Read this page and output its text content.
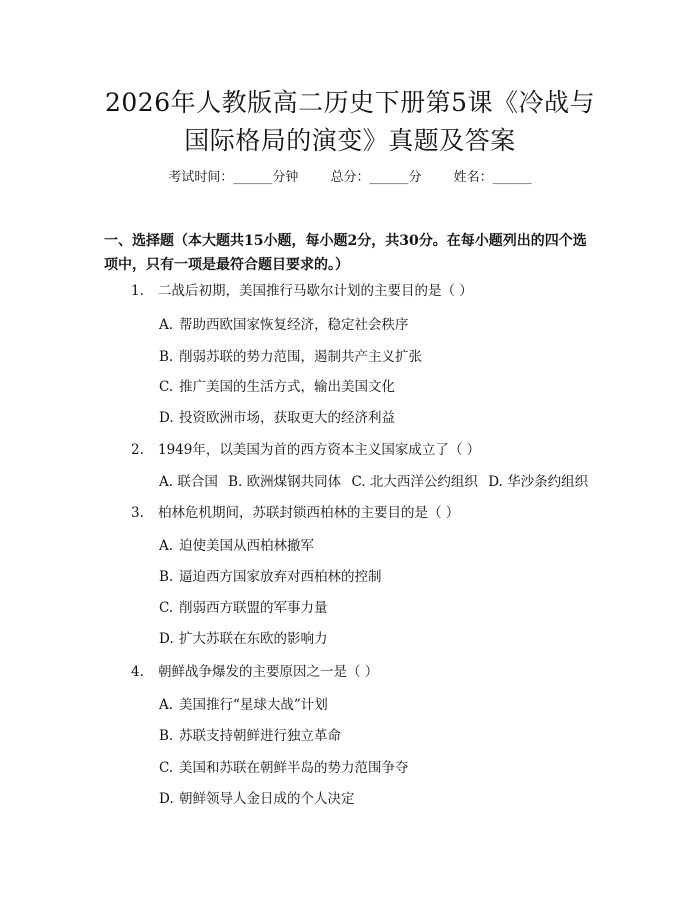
2026年人教版高二历史下册第5课《冷战与
国际格局的演变》真题及答案
考试时间：______分钟 总分：______分 姓名：______
一、选择题（本大题共15小题，每小题2分，共30分。在每小题列出的四个选
项中，只有一项是最符合题目要求的。）
1. 二战后初期，美国推行马歇尔计划的主要目的是（ ）
A. 帮助西欧国家恢复经济，稳定社会秩序
B. 削弱苏联的势力范围，遏制共产主义扩张
C. 推广美国的生活方式，输出美国文化
D. 投资欧洲市场，获取更大的经济利益
2. 1949年，以美国为首的西方资本主义国家成立了（ ）
A. 联合国 B. 欧洲煤钢共同体 C. 北大西洋公约组织 D. 华沙条约组织
3. 柏林危机期间，苏联封锁西柏林的主要目的是（ ）
A. 迫使美国从西柏林撤军
B. 逼迫西方国家放弃对西柏林的控制
C. 削弱西方联盟的军事力量
D. 扩大苏联在东欧的影响力
4. 朝鲜战争爆发的主要原因之一是（ ）
A. 美国推行“星球大战”计划
B. 苏联支持朝鲜进行独立革命
C. 美国和苏联在朝鲜半岛的势力范围争夺
D. 朝鲜领导人金日成的个人决定
